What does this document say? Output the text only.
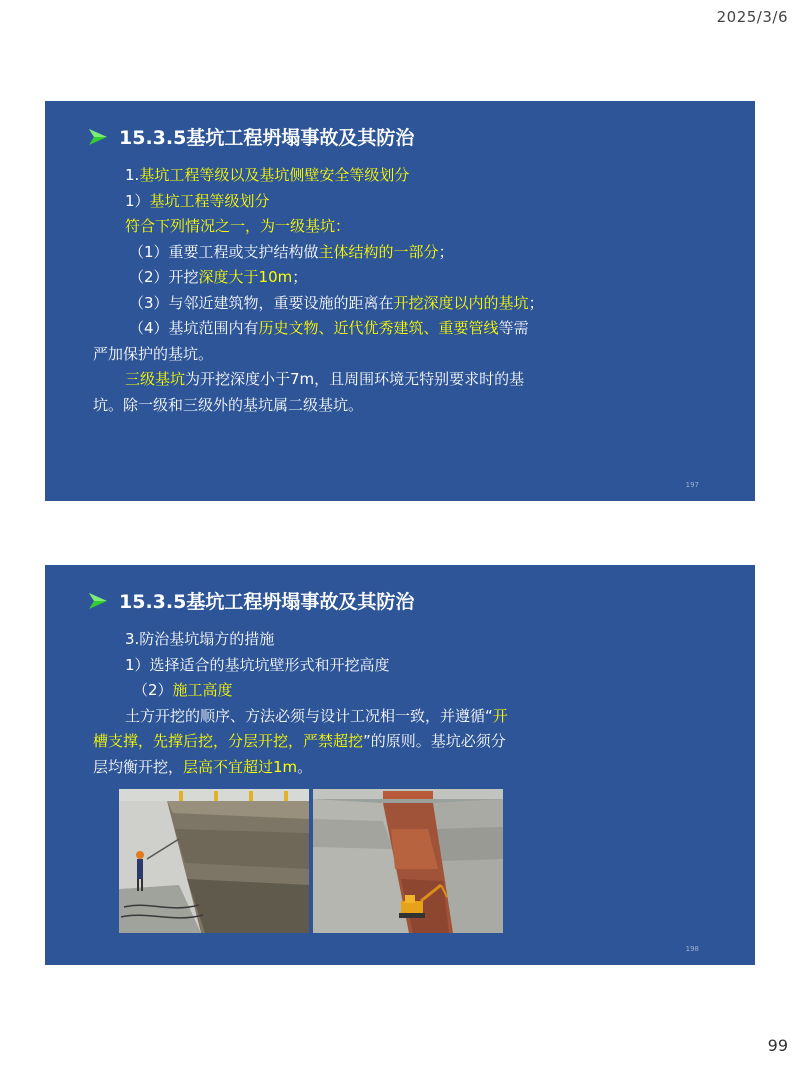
2025/3/6
15.3.5基坑工程坍塌事故及其防治

1.基坑工程等级以及基坑侧壁安全等级划分

1）基坑工程等级划分

符合下列情况之一，为一级基坑：

（1）重要工程或支护结构做主体结构的一部分；

（2）开挖深度大于10m；

（3）与邻近建筑物，重要设施的距离在开挖深度以内的基坑；

（4）基坑范围内有历史文物、近代优秀建筑、重要管线等需

严加保护的基坑。

三级基坑为开挖深度小于7m，且周围环境无特别要求时的基

坑。除一级和三级外的基坑属二级基坑。

197
15.3.5基坑工程坍塌事故及其防治

3.防治基坑塌方的措施

1）选择适合的基坑坑壁形式和开挖高度

（2）施工高度

土方开挖的顺序、方法必须与设计工况相一致，并遵循“开

槽支撑，先撑后挖，分层开挖，严禁超挖”的原则。基坑必须分

层均衡开挖，层高不宜超过1m。

198
99
